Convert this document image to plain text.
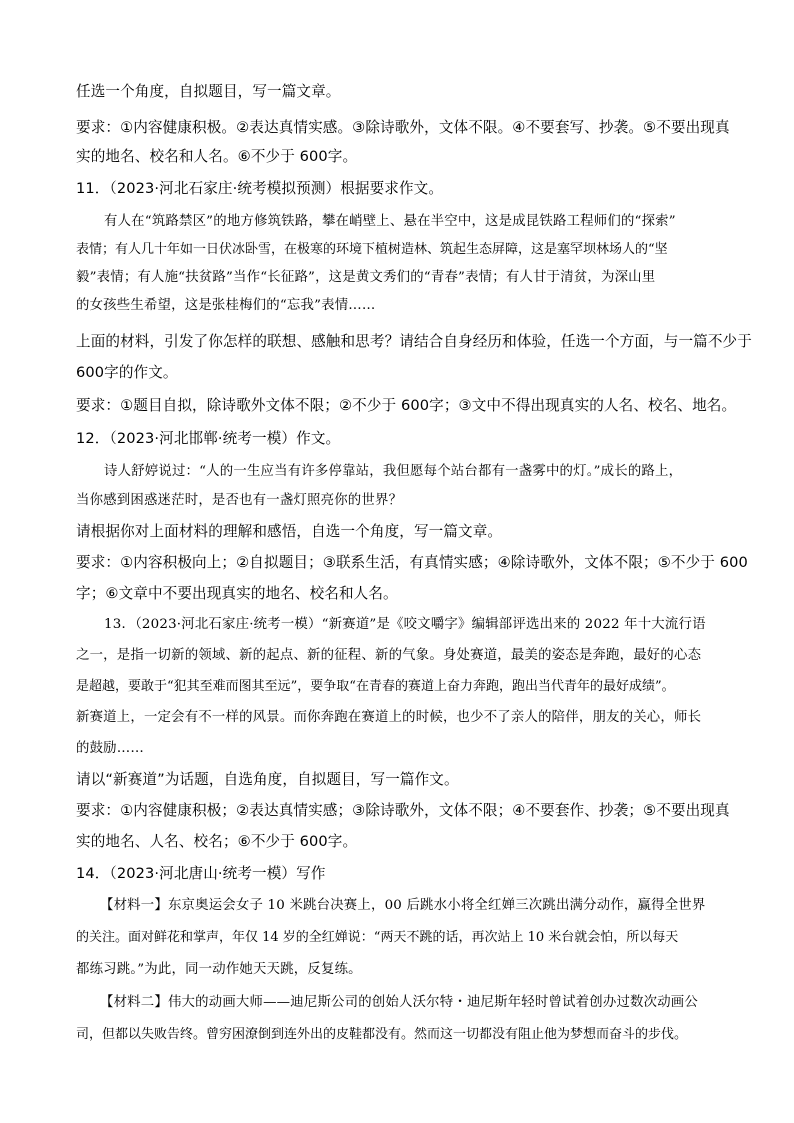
任选一个角度，自拟题目，写一篇文章。
要求：①内容健康积极。②表达真情实感。③除诗歌外，文体不限。④不要套写、抄袭。⑤不要出现真
实的地名、校名和人名。⑥不少于 600字。
11．（2023·河北石家庄·统考模拟预测）根据要求作文。
有人在“筑路禁区”的地方修筑铁路，攀在峭壁上、悬在半空中，这是成昆铁路工程师们的“探索”
表情；有人几十年如一日伏冰卧雪，在极寒的环境下植树造林、筑起生态屏障，这是塞罕坝林场人的“坚
毅”表情；有人施“扶贫路”当作“长征路”，这是黄文秀们的“青春”表情；有人甘于清贫，为深山里
的女孩些生希望，这是张桂梅们的“忘我”表情……
上面的材料，引发了你怎样的联想、感触和思考？请结合自身经历和体验，任选一个方面，与一篇不少于
600字的作文。
要求：①题目自拟，除诗歌外文体不限；②不少于 600字；③文中不得出现真实的人名、校名、地名。
12．（2023·河北邯郸·统考一模）作文。
诗人舒婷说过：“人的一生应当有许多停靠站，我但愿每个站台都有一盏雾中的灯。”成长的路上，
当你感到困惑迷茫时，是否也有一盏灯照亮你的世界？
请根据你对上面材料的理解和感悟，自选一个角度，写一篇文章。
要求：①内容积极向上；②自拟题目；③联系生活，有真情实感；④除诗歌外，文体不限；⑤不少于 600
字；⑥文章中不要出现真实的地名、校名和人名。
13．（2023·河北石家庄·统考一模）“新赛道”是《咬文嚼字》编辑部评选出来的 2022 年十大流行语
之一，是指一切新的领域、新的起点、新的征程、新的气象。身处赛道，最美的姿态是奔跑，最好的心态
是超越，要敢于“犯其至难而图其至远”，要争取“在青春的赛道上奋力奔跑，跑出当代青年的最好成绩”。
新赛道上，一定会有不一样的风景。而你奔跑在赛道上的时候，也少不了亲人的陪伴，朋友的关心，师长
的鼓励……
请以“新赛道”为话题，自选角度，自拟题目，写一篇作文。
要求：①内容健康积极；②表达真情实感；③除诗歌外，文体不限；④不要套作、抄袭；⑤不要出现真
实的地名、人名、校名；⑥不少于 600字。
14．（2023·河北唐山·统考一模）写作
【材料一】东京奥运会女子 10 米跳台决赛上，00 后跳水小将全红婵三次跳出满分动作，赢得全世界
的关注。面对鲜花和掌声，年仅 14 岁的全红婵说：“两天不跳的话，再次站上 10 米台就会怕，所以每天
都练习跳。”为此，同一动作她天天跳，反复练。
【材料二】伟大的动画大师——迪尼斯公司的创始人沃尔特・迪尼斯年轻时曾试着创办过数次动画公
司，但都以失败告终。曾穷困潦倒到连外出的皮鞋都没有。然而这一切都没有阻止他为梦想而奋斗的步伐。
